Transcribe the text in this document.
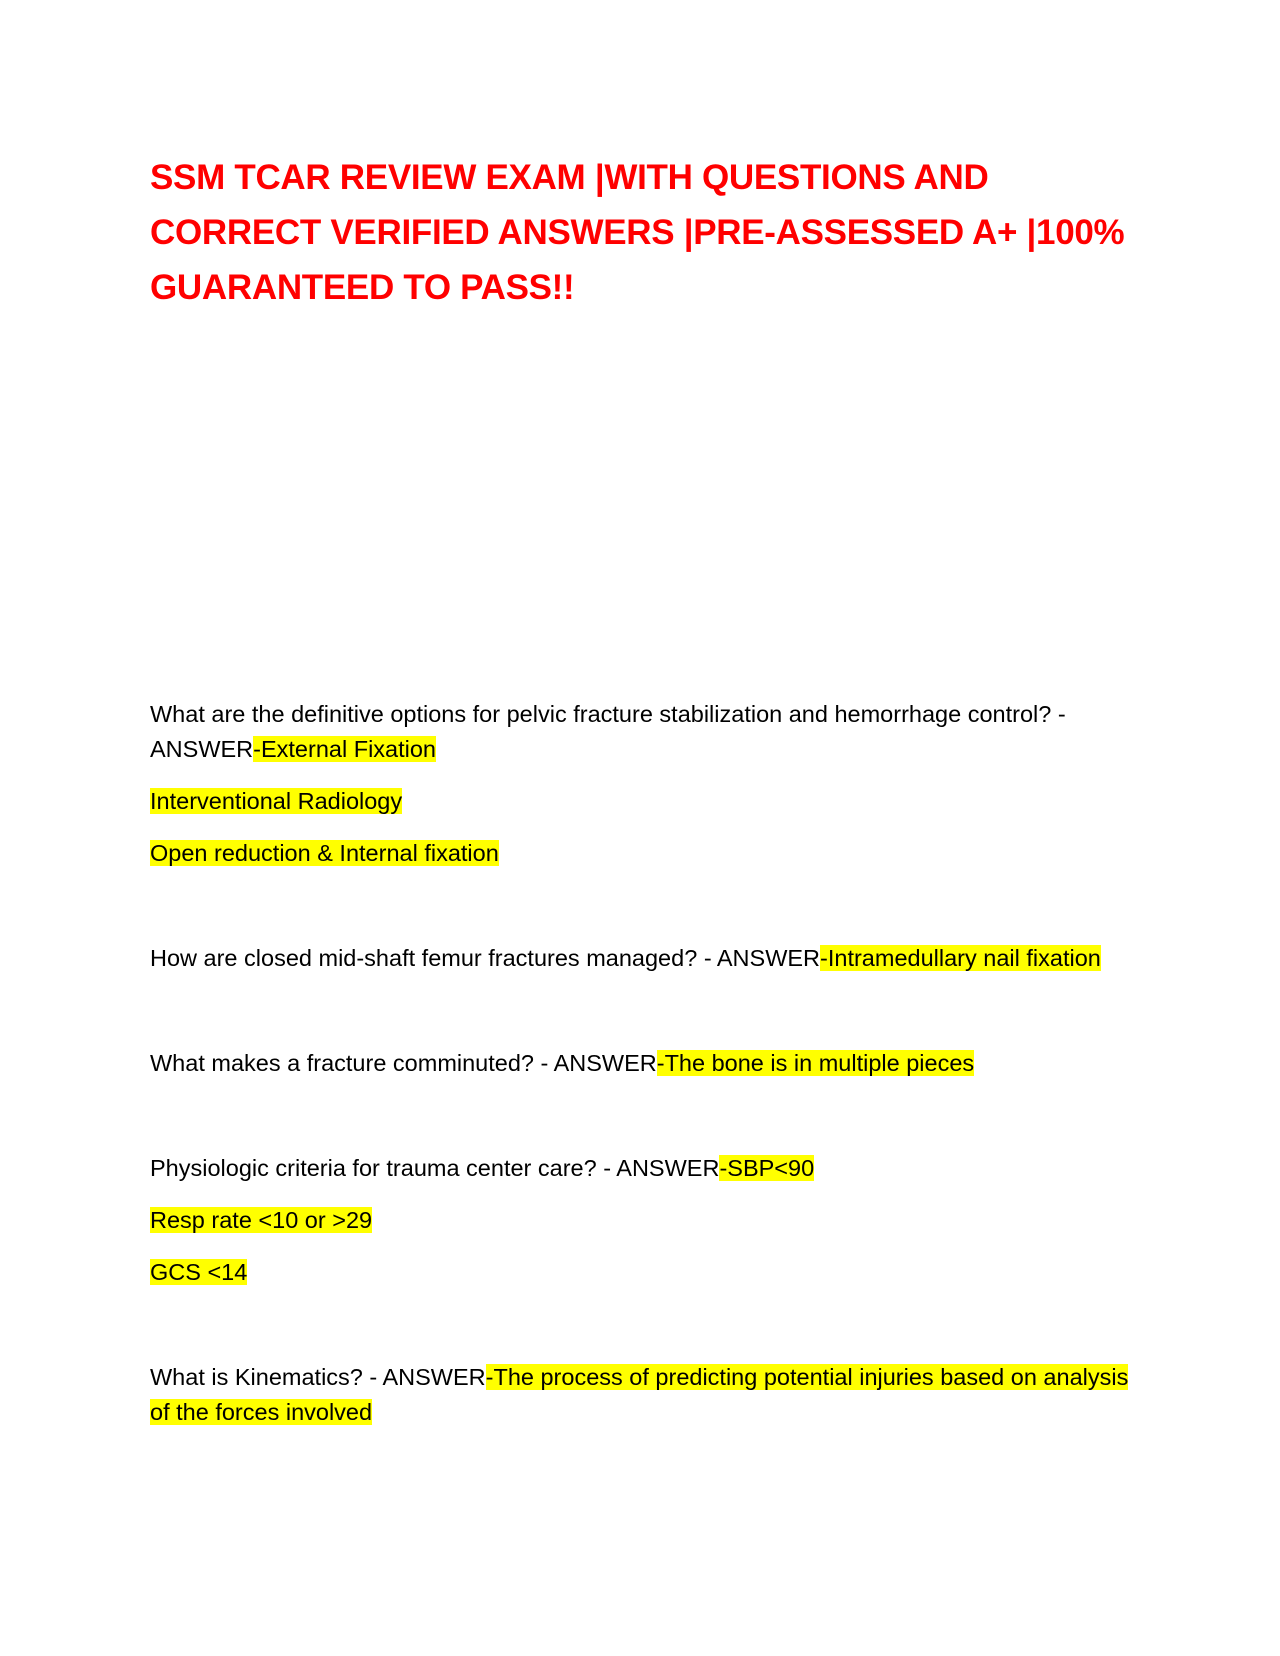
SSM TCAR REVIEW EXAM |WITH QUESTIONS AND CORRECT VERIFIED ANSWERS |PRE-ASSESSED A+ |100% GUARANTEED TO PASS!!

What are the definitive options for pelvic fracture stabilization and hemorrhage control? - ANSWER-External Fixation

Interventional Radiology

Open reduction & Internal fixation

How are closed mid-shaft femur fractures managed? - ANSWER-Intramedullary nail fixation

What makes a fracture comminuted? - ANSWER-The bone is in multiple pieces

Physiologic criteria for trauma center care? - ANSWER-SBP<90

Resp rate <10 or >29

GCS <14

What is Kinematics? - ANSWER-The process of predicting potential injuries based on analysis of the forces involved
